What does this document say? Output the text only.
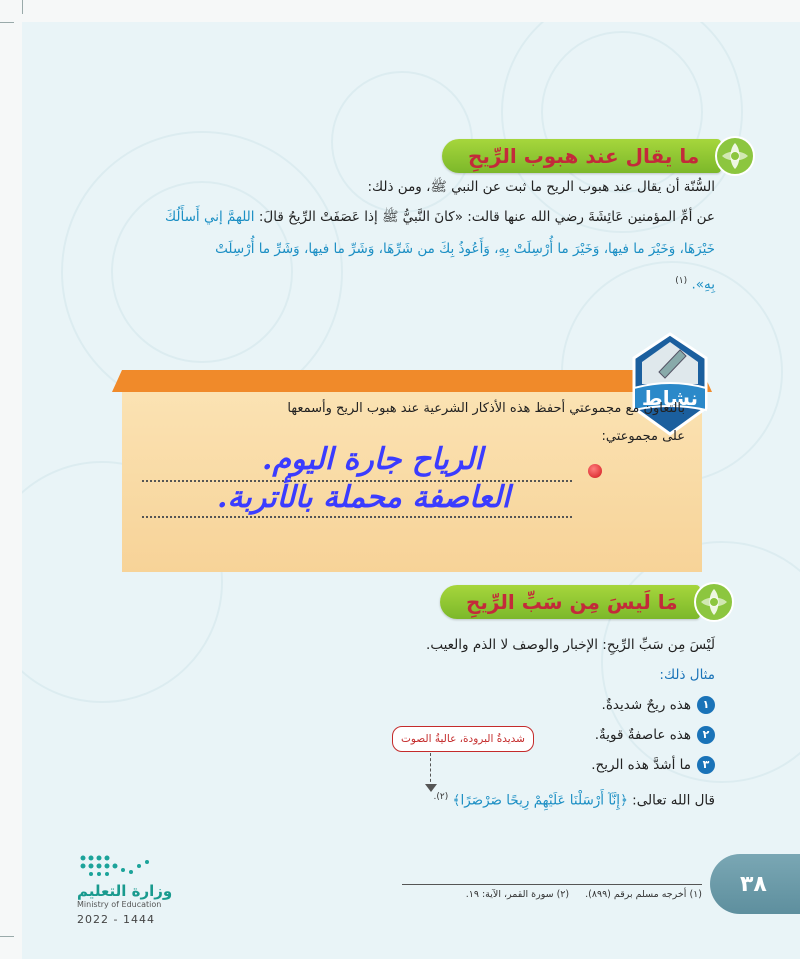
ما يقال عند هبوب الرِّيحِ
السُّنّة أن يقال عند هبوب الريح ما ثبت عن النبي ﷺ، ومن ذلك:
عن أمِّ المؤمنين عَائِشَةَ رضي الله عنها قالت: «كانَ النَّبيُّ ﷺ إذا عَصَفَتْ الرِّيحُ قالَ: اللهمَّ إني أَسأَلُكَ
خَيْرَهَا، وَخَيْرَ ما فيها، وَخَيْرَ ما أُرْسِلَتْ بِهِ، وَأَعُوذُ بِكَ من شَرِّهَا، وَشَرِّ ما فيها، وَشَرِّ ما أُرْسِلَتْ
بِهِ». $^{(١)}$
نشاط
بالتعاون مع مجموعتي أحفظ هذه الأذكار الشرعية عند هبوب الريح وأسمعها
على مجموعتي:
الرياح جارة اليوم.
العاصفة محملة بالأتربة.
مَا لَيسَ مِن سَبِّ الرِّيحِ
لَيْسَ مِن سَبِّ الرِّيحِ: الإخبار والوصف لا الذم والعيب.
مثال ذلك:
١هذه ريحٌ شديدةٌ.
٢هذه عاصفةٌ قويةٌ.
٣ما أشدَّ هذه الريح.
شديدةُ البرودة، عاليةُ الصوت
قال الله تعالى: ﴿إِنَّآ أَرْسَلْنَا عَلَيْهِمْ رِيحًا صَرْصَرًا﴾ $^{(٢).}$
(١) أخرجه مسلم برقم (٨٩٩).
(٢) سورة القمر، الآية: ١٩.	٣٨
وزارة التعليم
Ministry of Education
2022 - 1444
